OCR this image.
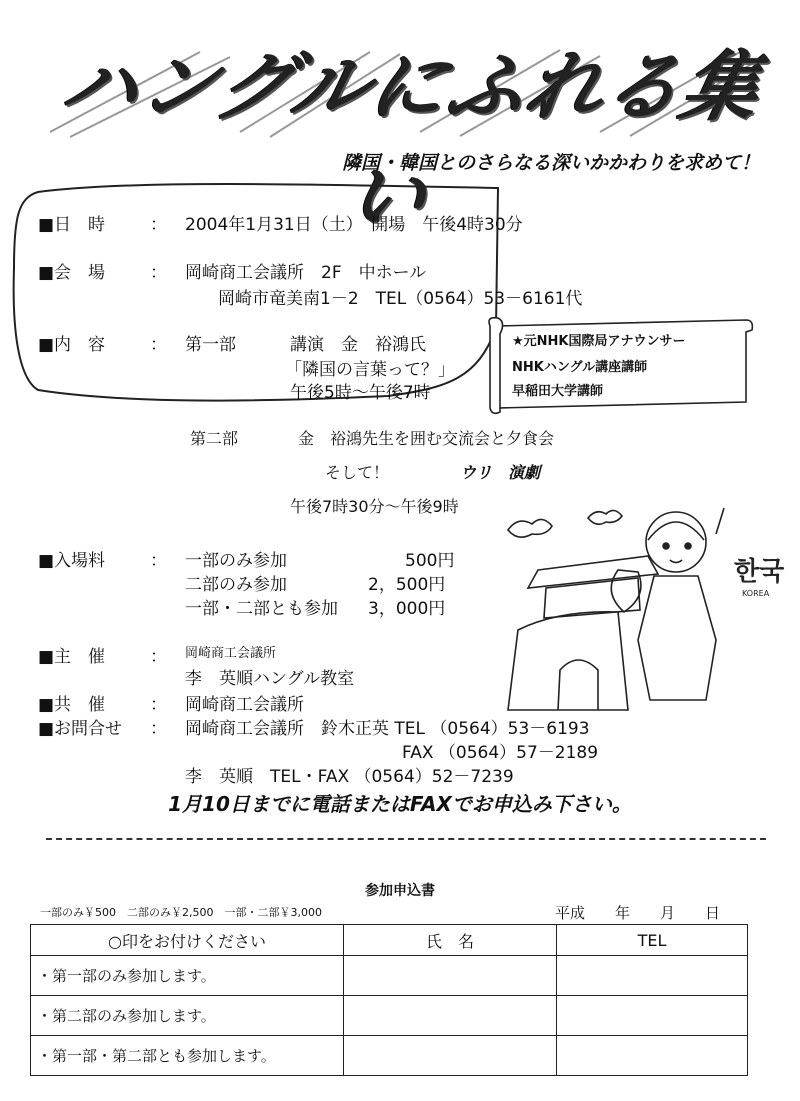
ハングルにふれる集い
隣国・韓国とのさらなる深いかかわりを求めて！
■日　時	： 2004年1月31日（土）　開場　午後4時30分
■会　場	： 岡崎商工会議所　2F　中ホール
岡崎市竜美南1－2　TEL（0564）53－6161代
■内　容	： 第一部	講演　金　裕鴻氏
「隣国の言葉って？」
午後5時～午後7時
★元NHK国際局アナウンサー
NHKハングル講座講師
早稲田大学講師
第二部	金　裕鴻先生を囲む交流会と夕食会
そして！	ウリ　演劇
午後7時30分～午後9時
■入場料	： 一部のみ参加	500円
二部のみ参加	2，500円
一部・二部とも参加 3，000円
■主　催	： 岡崎商工会議所
李　英順ハングル教室
■共　催	： 岡崎商工会議所
■お問合せ ： 岡崎商工会議所　鈴木正英 TEL （0564）53－6193
FAX （0564）57－2189
李　英順　TEL・FAX （0564）52－7239
한국
KOREA
1月10日までに電話またはFAXでお申込み下さい。
参加申込書
一部のみ￥500　二部のみ￥2,500　一部・二部￥3,000	平成　　年　　月　　日
○印をお付けください	氏　名	TEL
・第一部のみ参加します。		
・第二部のみ参加します。		
・第一部・第二部とも参加します。		
